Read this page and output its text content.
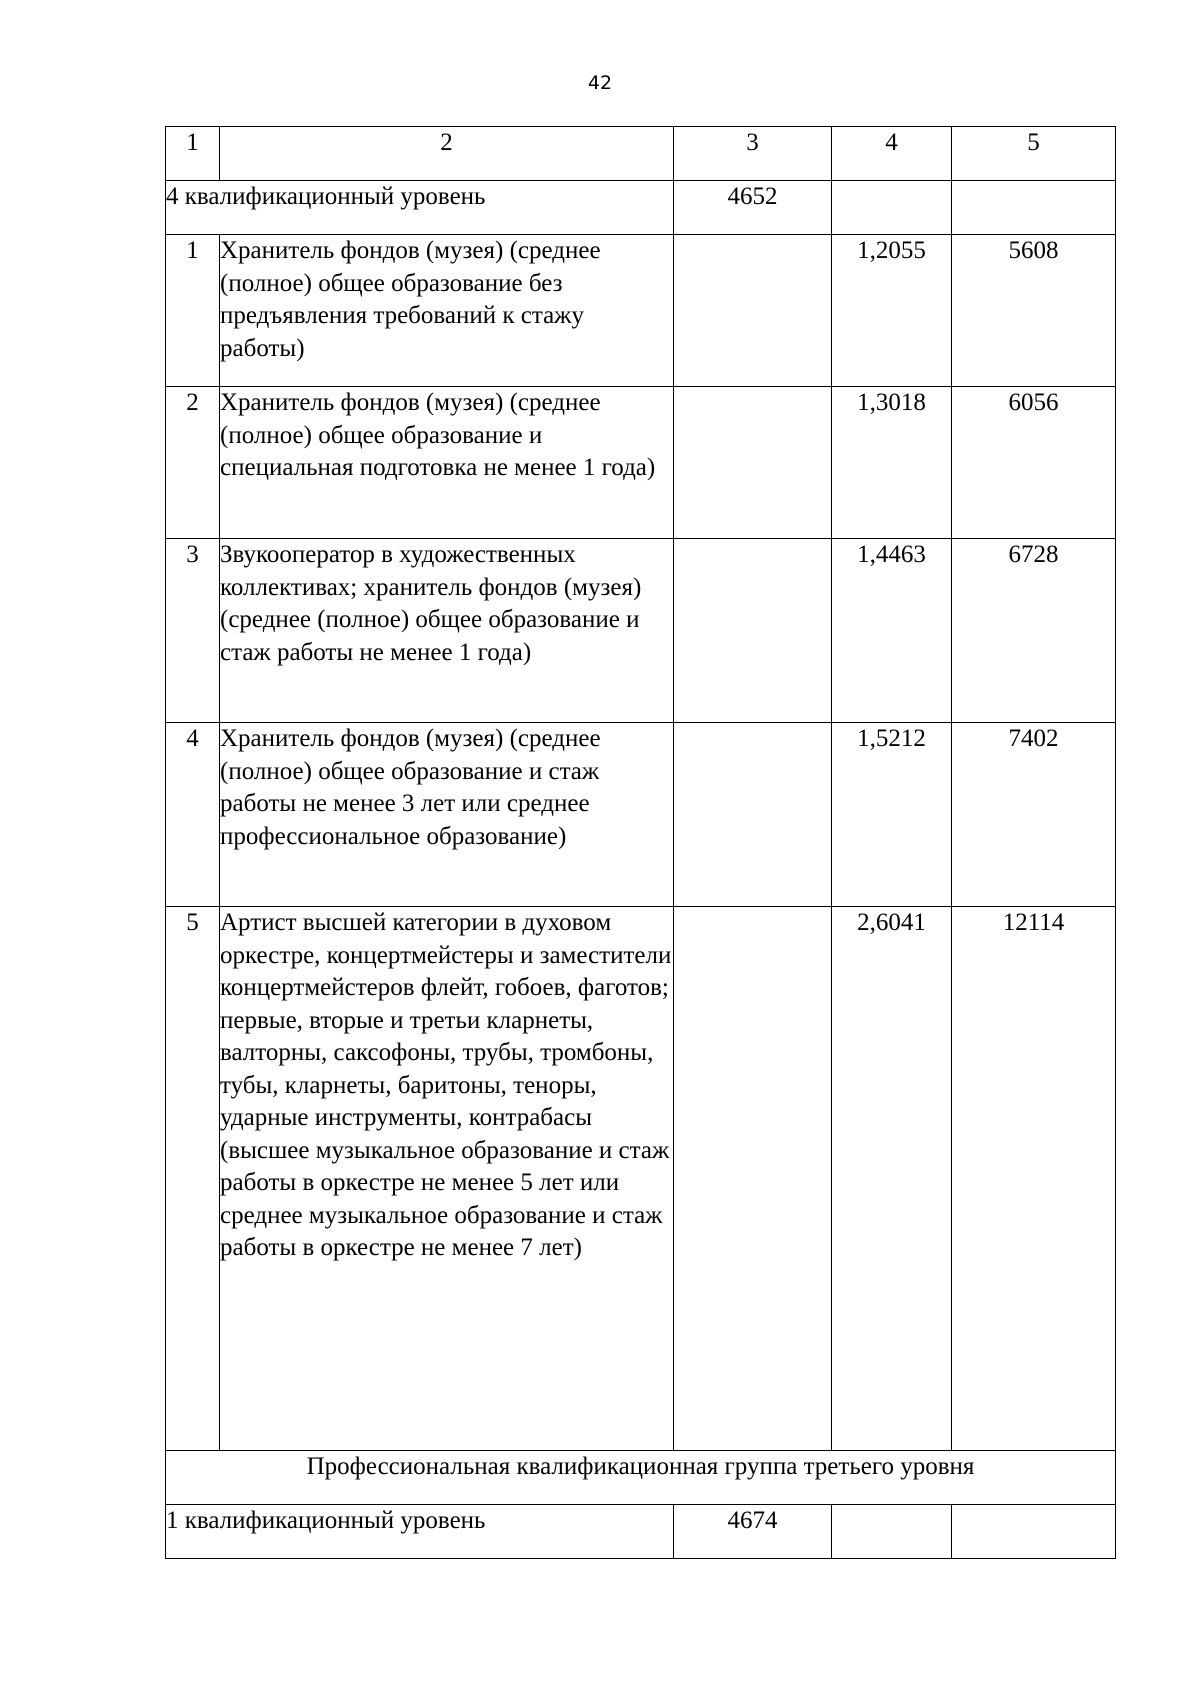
42
1	2	3	4	5
4 квалификационный уровень		4652		
1	Хранитель фондов (музея) (среднее (полное) общее образование без предъявления требований к стажу работы)		1,2055	5608
2	Хранитель фондов (музея) (среднее (полное) общее образование и специальная подготовка не менее 1 года)		1,3018	6056
3	Звукооператор в художественных коллективах; хранитель фондов (музея) (среднее (полное) общее образование и стаж работы не менее 1 года)		1,4463	6728
4	Хранитель фондов (музея) (среднее (полное) общее образование и стаж работы не менее 3 лет или среднее профессиональное образование)		1,5212	7402
5	Артист высшей категории в духовом оркестре, концертмейстеры и заместители концертмейстеров флейт, гобоев, фаготов; первые, вторые и третьи кларнеты, валторны, саксофоны, трубы, тромбоны, тубы, кларнеты, баритоны, теноры, ударные инструменты, контрабасы (высшее музыкальное образование и стаж работы в оркестре не менее 5 лет или среднее музыкальное образование и стаж работы в оркестре не менее 7 лет)		2,6041	12114
Профессиональная квалификационная группа третьего уровня				
1 квалификационный уровень		4674		
